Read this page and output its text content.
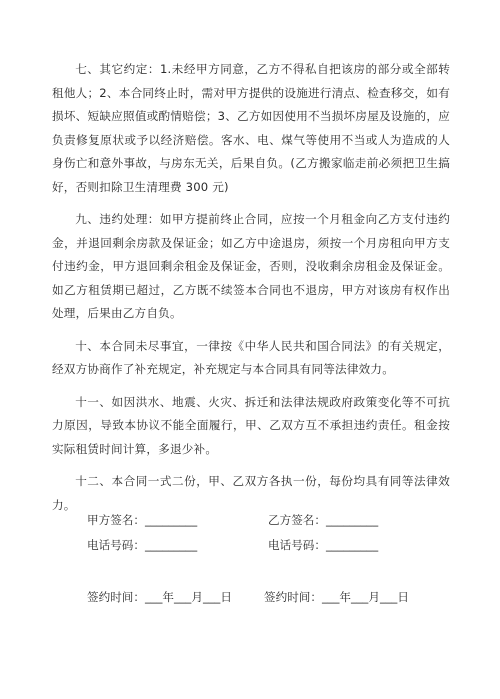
七、其它约定：1.未经甲方同意，乙方不得私自把该房的部分或全部转租他人；2、本合同终止时，需对甲方提供的设施进行清点、检查移交，如有损坏、短缺应照值或酌情赔偿；3、乙方如因使用不当损坏房屋及设施的，应负责修复原状或予以经济赔偿。客水、电、煤气等使用不当或人为造成的人身伤亡和意外事故，与房东无关，后果自负。(乙方搬家临走前必须把卫生搞好，否则扣除卫生清理费 300 元)

九、违约处理：如甲方提前终止合同，应按一个月租金向乙方支付违约金，并退回剩余房款及保证金；如乙方中途退房，须按一个月房租向甲方支付违约金，甲方退回剩余租金及保证金，否则，没收剩余房租金及保证金。如乙方租赁期已超过，乙方既不续签本合同也不退房，甲方对该房有权作出处理，后果由乙方自负。

十、本合同未尽事宜，一律按《中华人民共和国合同法》的有关规定，经双方协商作了补充规定，补充规定与本合同具有同等法律效力。

十一、如因洪水、地震、火灾、拆迁和法律法规政府政策变化等不可抗力原因，导致本协议不能全面履行，甲、乙双方互不承担违约责任。租金按实际租赁时间计算，多退少补。

十二、本合同一式二份，甲、乙双方各执一份，每份均具有同等法律效力。

甲方签名：_________	乙方签名：_________
电话号码：_________	电话号码：_________
签约时间：___年___月___日	签约时间：___年___月___日
